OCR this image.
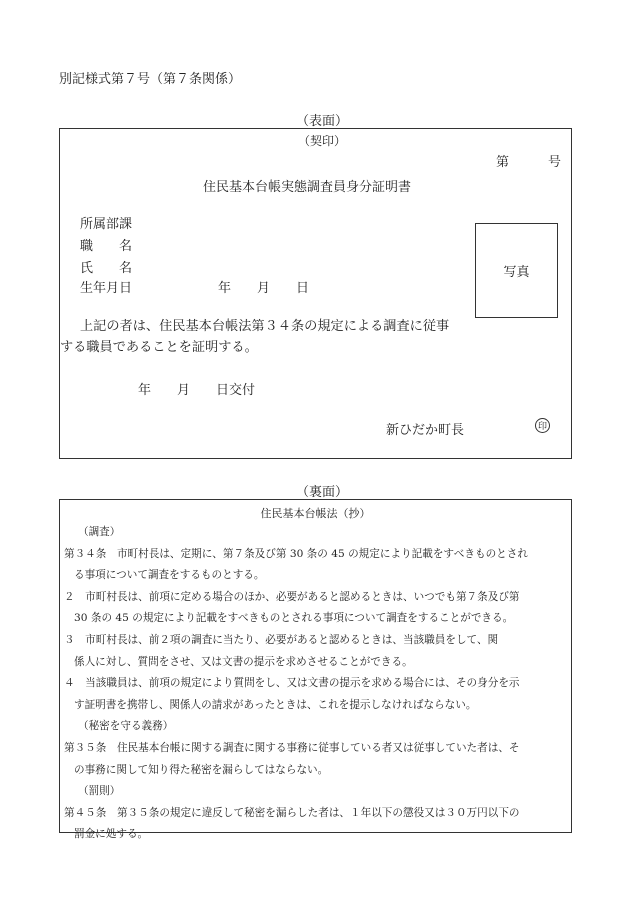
別記様式第７号（第７条関係）
（表面）
（契印）
第　　　号
住民基本台帳実態調査員身分証明書
所属部課
職　　名
氏　　名
生年月日	年　　月　　日
写真
上記の者は、住民基本台帳法第３４条の規定による調査に従事
する職員であることを証明する。
年　　月　　日交付
新ひだか町長	印
（裏面）
住民基本台帳法（抄）
（調査）
第３４条　市町村長は、定期に、第７条及び第 30 条の 45 の規定により記載をすべきものとされ
る事項について調査をするものとする。
２　市町村長は、前項に定める場合のほか、必要があると認めるときは、いつでも第７条及び第
30 条の 45 の規定により記載をすべきものとされる事項について調査をすることができる。
３　市町村長は、前２項の調査に当たり、必要があると認めるときは、当該職員をして、関
係人に対し、質問をさせ、又は文書の提示を求めさせることができる。
４　当該職員は、前項の規定により質問をし、又は文書の提示を求める場合には、その身分を示
す証明書を携帯し、関係人の請求があったときは、これを提示しなければならない。
（秘密を守る義務）
第３５条　住民基本台帳に関する調査に関する事務に従事している者又は従事していた者は、そ
の事務に関して知り得た秘密を漏らしてはならない。
（罰則）
第４５条　第３５条の規定に違反して秘密を漏らした者は、１年以下の懲役又は３０万円以下の
罰金に処する。
